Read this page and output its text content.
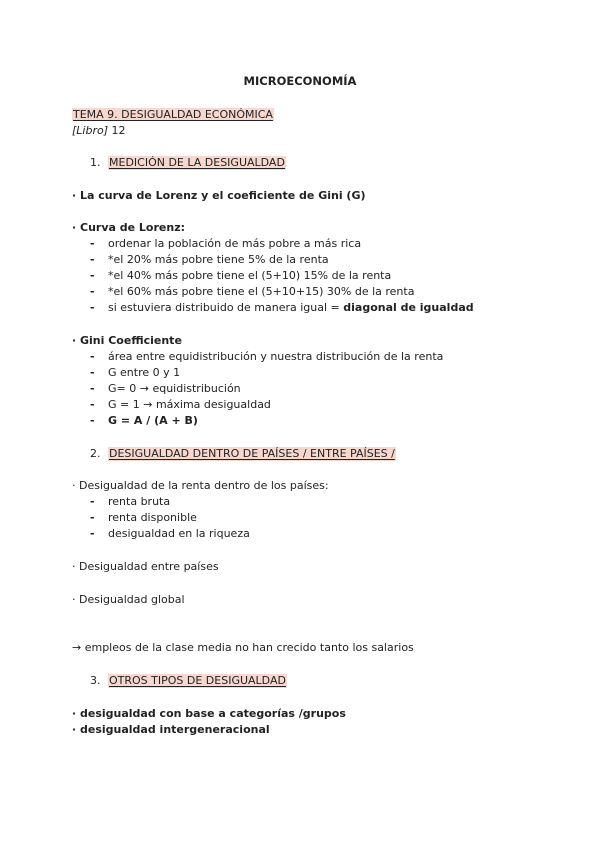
MICROECONOMÍA
TEMA 9. DESIGUALDAD ECONÓMICA
[Libro] 12
1. MEDICIÓN DE LA DESIGUALDAD
· La curva de Lorenz y el coeficiente de Gini (G)
· Curva de Lorenz:
- ordenar la población de más pobre a más rica
- *el 20% más pobre tiene 5% de la renta
- *el 40% más pobre tiene el (5+10) 15% de la renta
- *el 60% más pobre tiene el (5+10+15) 30% de la renta
- si estuviera distribuido de manera igual = diagonal de igualdad
· Gini Coefficiente
- área entre equidistribución y nuestra distribución de la renta
- G entre 0 y 1
- G= 0 → equidistribución
- G = 1 → máxima desigualdad
- G = A / (A + B)
2. DESIGUALDAD DENTRO DE PAÍSES / ENTRE PAÍSES /
· Desigualdad de la renta dentro de los países:
- renta bruta
- renta disponible
- desigualdad en la riqueza
· Desigualdad entre países
· Desigualdad global
→ empleos de la clase media no han crecido tanto los salarios
3. OTROS TIPOS DE DESIGUALDAD
· desigualdad con base a categorías /grupos
· desigualdad intergeneracional
